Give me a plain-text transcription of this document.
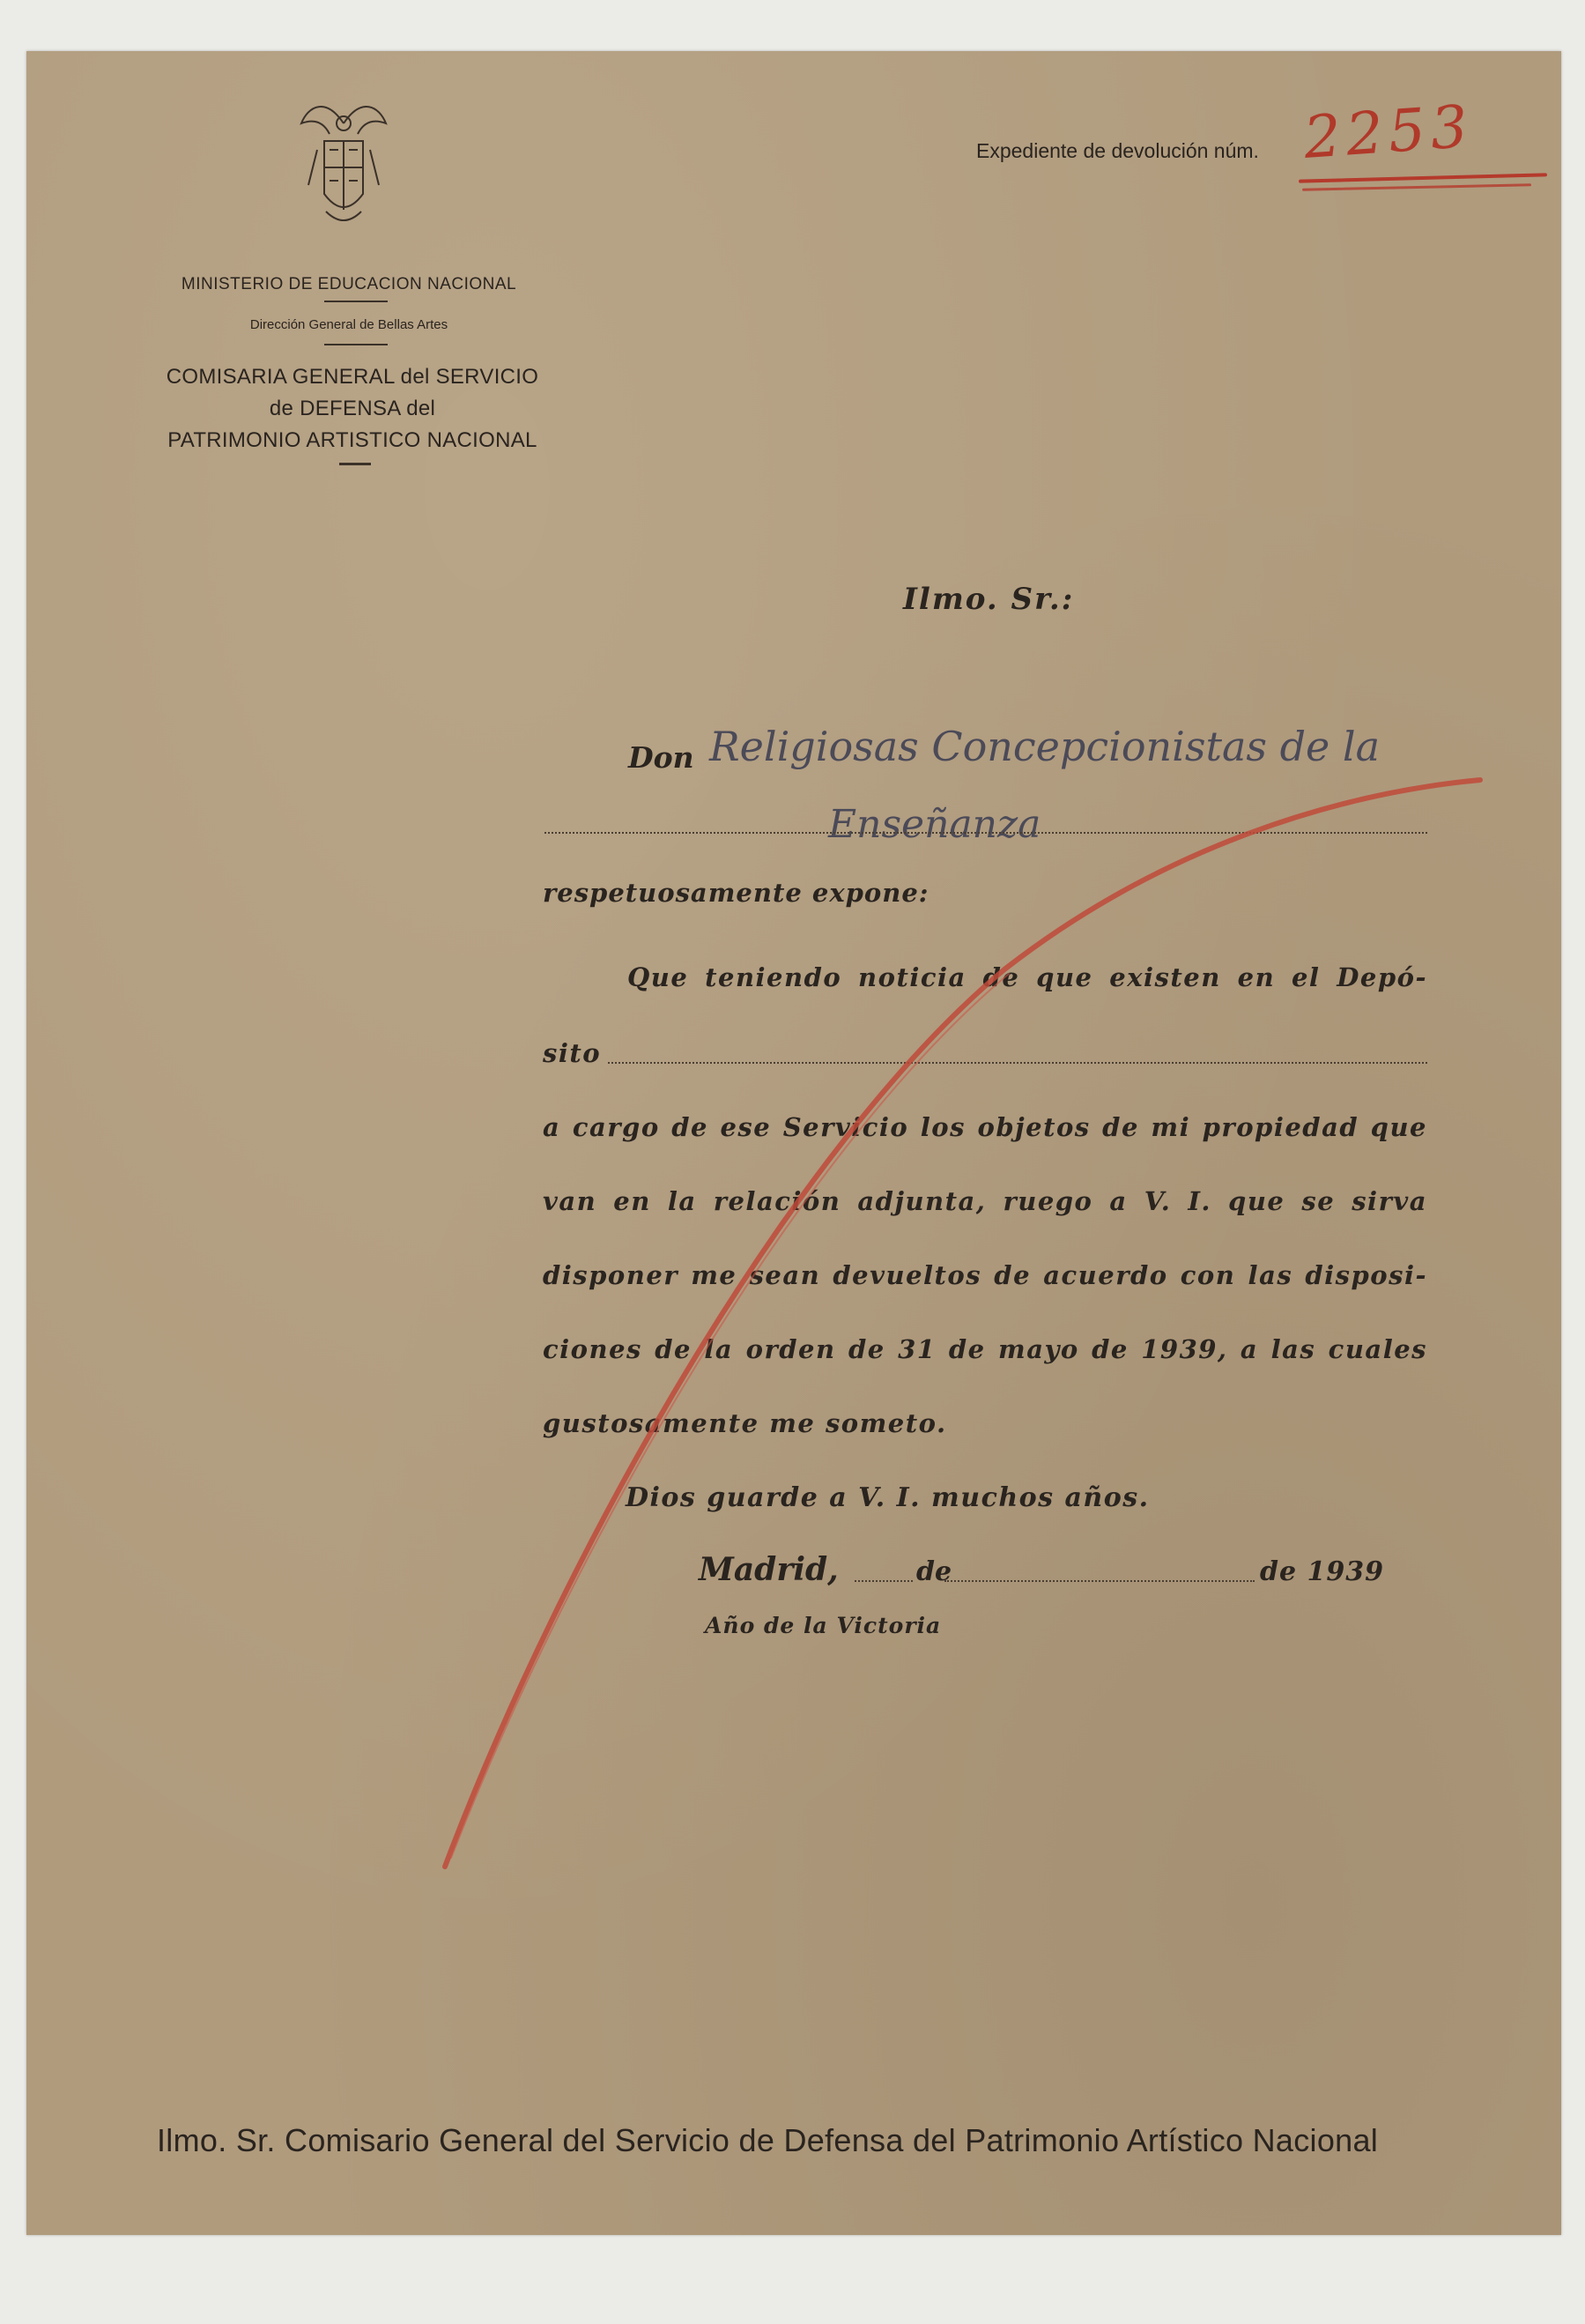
MINISTERIO DE EDUCACION NACIONAL
Dirección General de Bellas Artes
COMISARIA GENERAL del SERVICIO
de DEFENSA del
PATRIMONIO ARTISTICO NACIONAL
Expediente de devolución núm. 2253
Ilmo. Sr.:
Don Religiosas Concepcionistas de la
Enseñanza
respetuosamente expone:
Que teniendo noticia de que existen en el Depó-
sito
a cargo de ese Servicio los objetos de mi propiedad que
van en la relación adjunta, ruego a V. I. que se sirva
disponer me sean devueltos de acuerdo con las disposi-
ciones de la orden de 31 de mayo de 1939, a las cuales
gustosamente me someto.
Dios guarde a V. I. muchos años.
Madrid,	de	de 1939
Año de la Victoria
Ilmo. Sr. Comisario General del Servicio de Defensa del Patrimonio Artístico Nacional
